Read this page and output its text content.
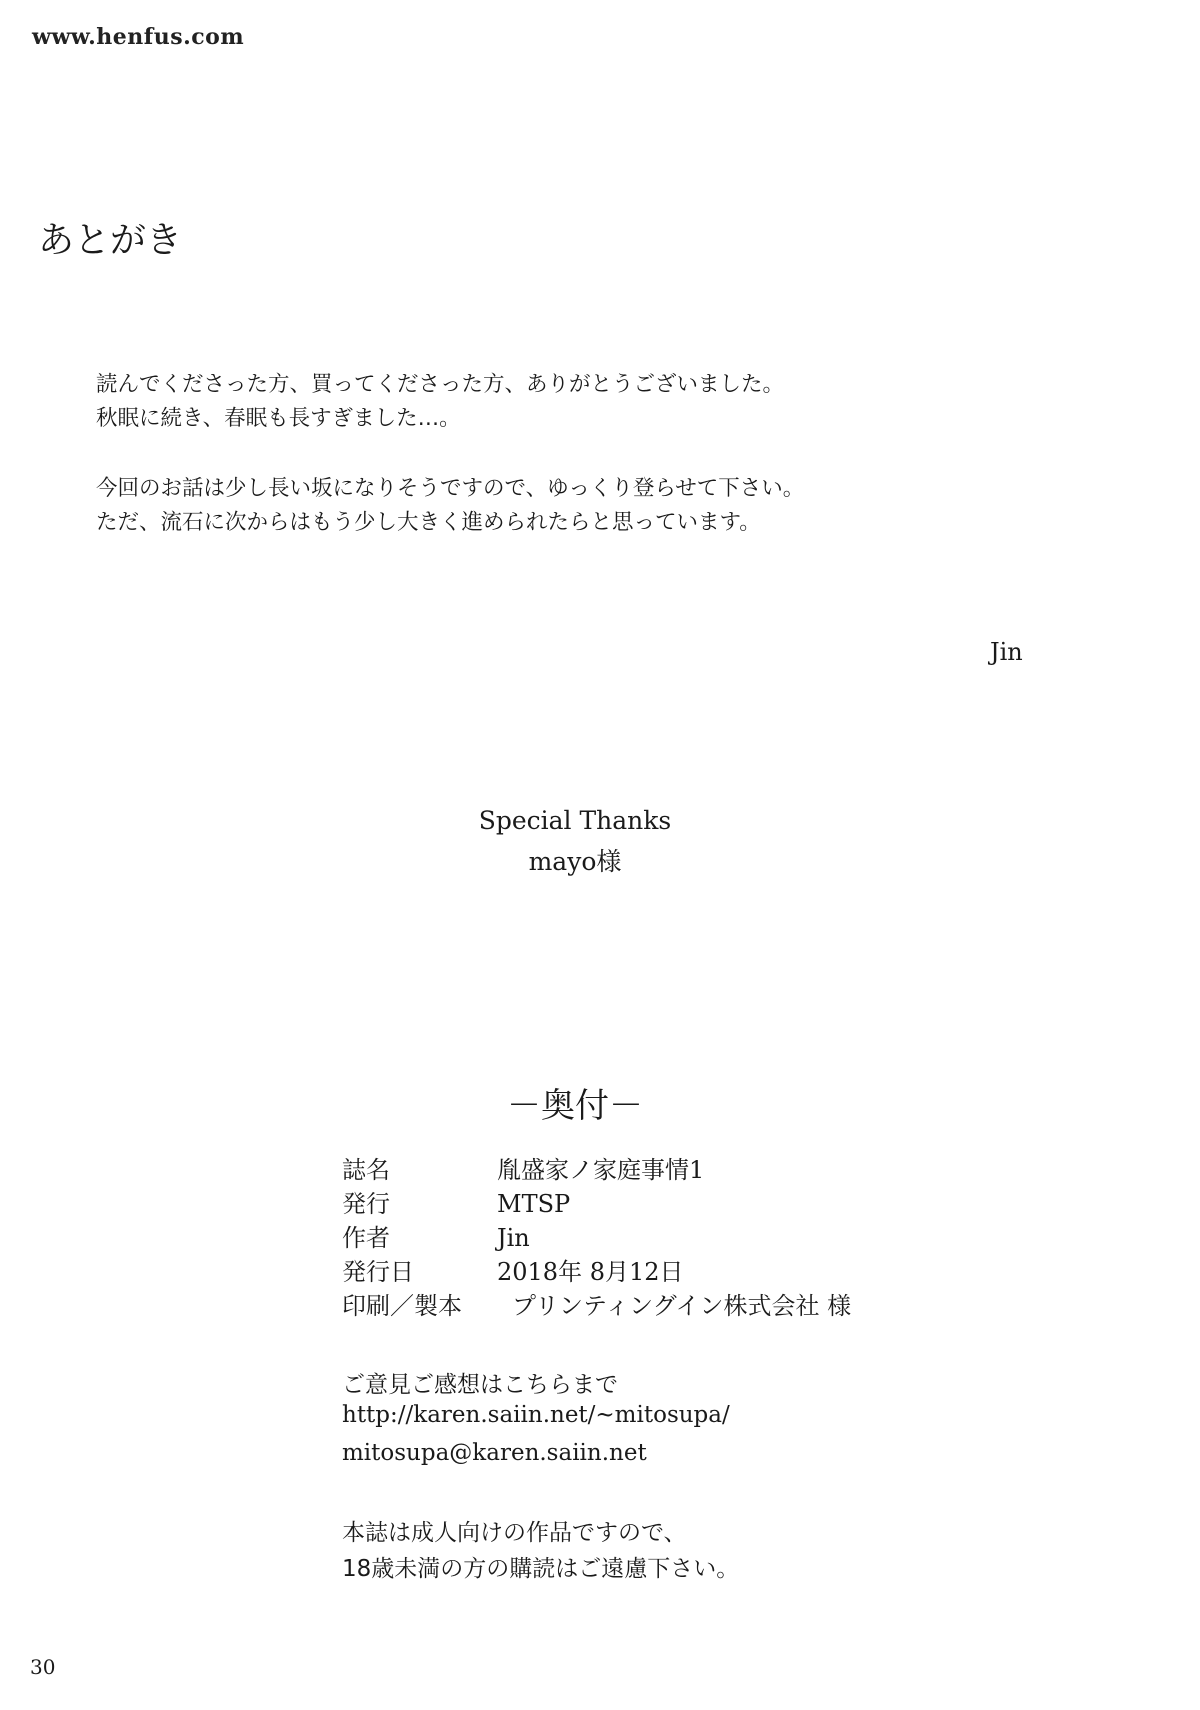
www.henfus.com
あとがき
読んでくださった方、買ってくださった方、ありがとうございました。
秋眠に続き、春眠も長すぎました…。
今回のお話は少し長い坂になりそうですので、ゆっくり登らせて下さい。
ただ、流石に次からはもう少し大きく進められたらと思っています。
Jin
Special Thanks
mayo様
－奥付－
誌名	胤盛家ノ家庭事情1
発行	MTSP
作者	Jin
発行日	2018年 8月12日
印刷／製本 プリンティングイン株式会社 様
ご意見ご感想はこちらまで
http://karen.saiin.net/~mitosupa/
mitosupa@karen.saiin.net
本誌は成人向けの作品ですので、
18歳未満の方の購読はご遠慮下さい。
30
